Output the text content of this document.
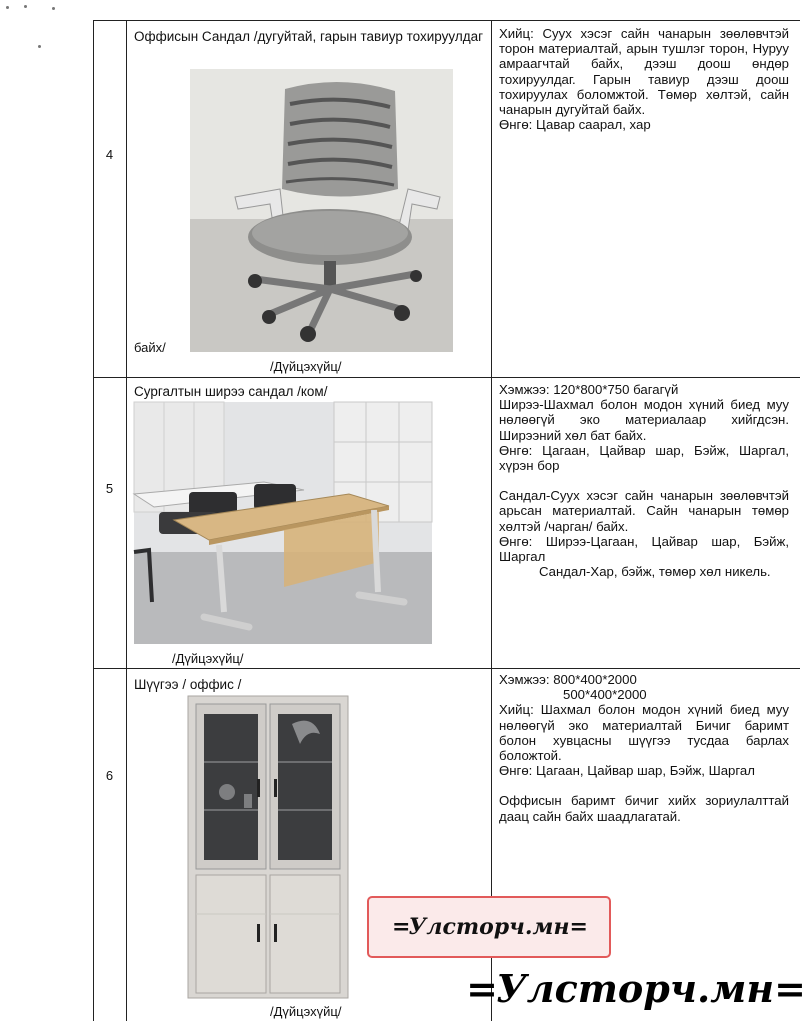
4
Оффисын Сандал /дугуйтай, гарын тавиур тохируулдаг
байх/
/Дүйцэхүйц/

Хийц: Суух хэсэг сайн чанарын зөөлөвчтэй торон материалтай, арын тушлэг торон, Нуруу амраагчтай байх, дээш доош өндөр тохируулдаг. Гарын тавиур дээш доош тохируулах боломжтой. Төмөр хөлтэй, сайн чанарын дугуйтай байх.

Өнгө: Цавар саарал, хар

5
Сургалтын ширээ сандал /ком/
/Дүйцэхүйц/

Хэмжээ: 120*800*750 багагүй

Ширээ-Шахмал болон модон хүний биед муу нөлөөгүй эко материалаар хийгдсэн. Ширээний хөл бат байх.

Өнгө: Цагаан, Цайвар шар, Бэйж, Шаргал, хүрэн бор

Сандал-Суух хэсэг сайн чанарын зөөлөвчтэй арьсан материалтай. Сайн чанарын төмөр хөлтэй /чарган/ байх.

Өнгө: Ширээ-Цагаан, Цайвар шар, Бэйж, Шаргал

Сандал-Хар, бэйж, төмөр хөл никель.

6
Шүүгээ / оффис /
/Дүйцэхүйц/

Хэмжээ: 800*400*2000

500*400*2000

Хийц: Шахмал болон модон хүний биед муу нөлөөгүй эко материалтай Бичиг баримт болон хувцасны шүүгээ тусдаа барлах боложтой.

Өнгө: Цагаан, Цайвар шар, Бэйж, Шаргал

Оффисын баримт бичиг хийх зориулалттай даац сайн байх шаадлагатай.

= Улсторч.мн =
= Улсторч.мн =
